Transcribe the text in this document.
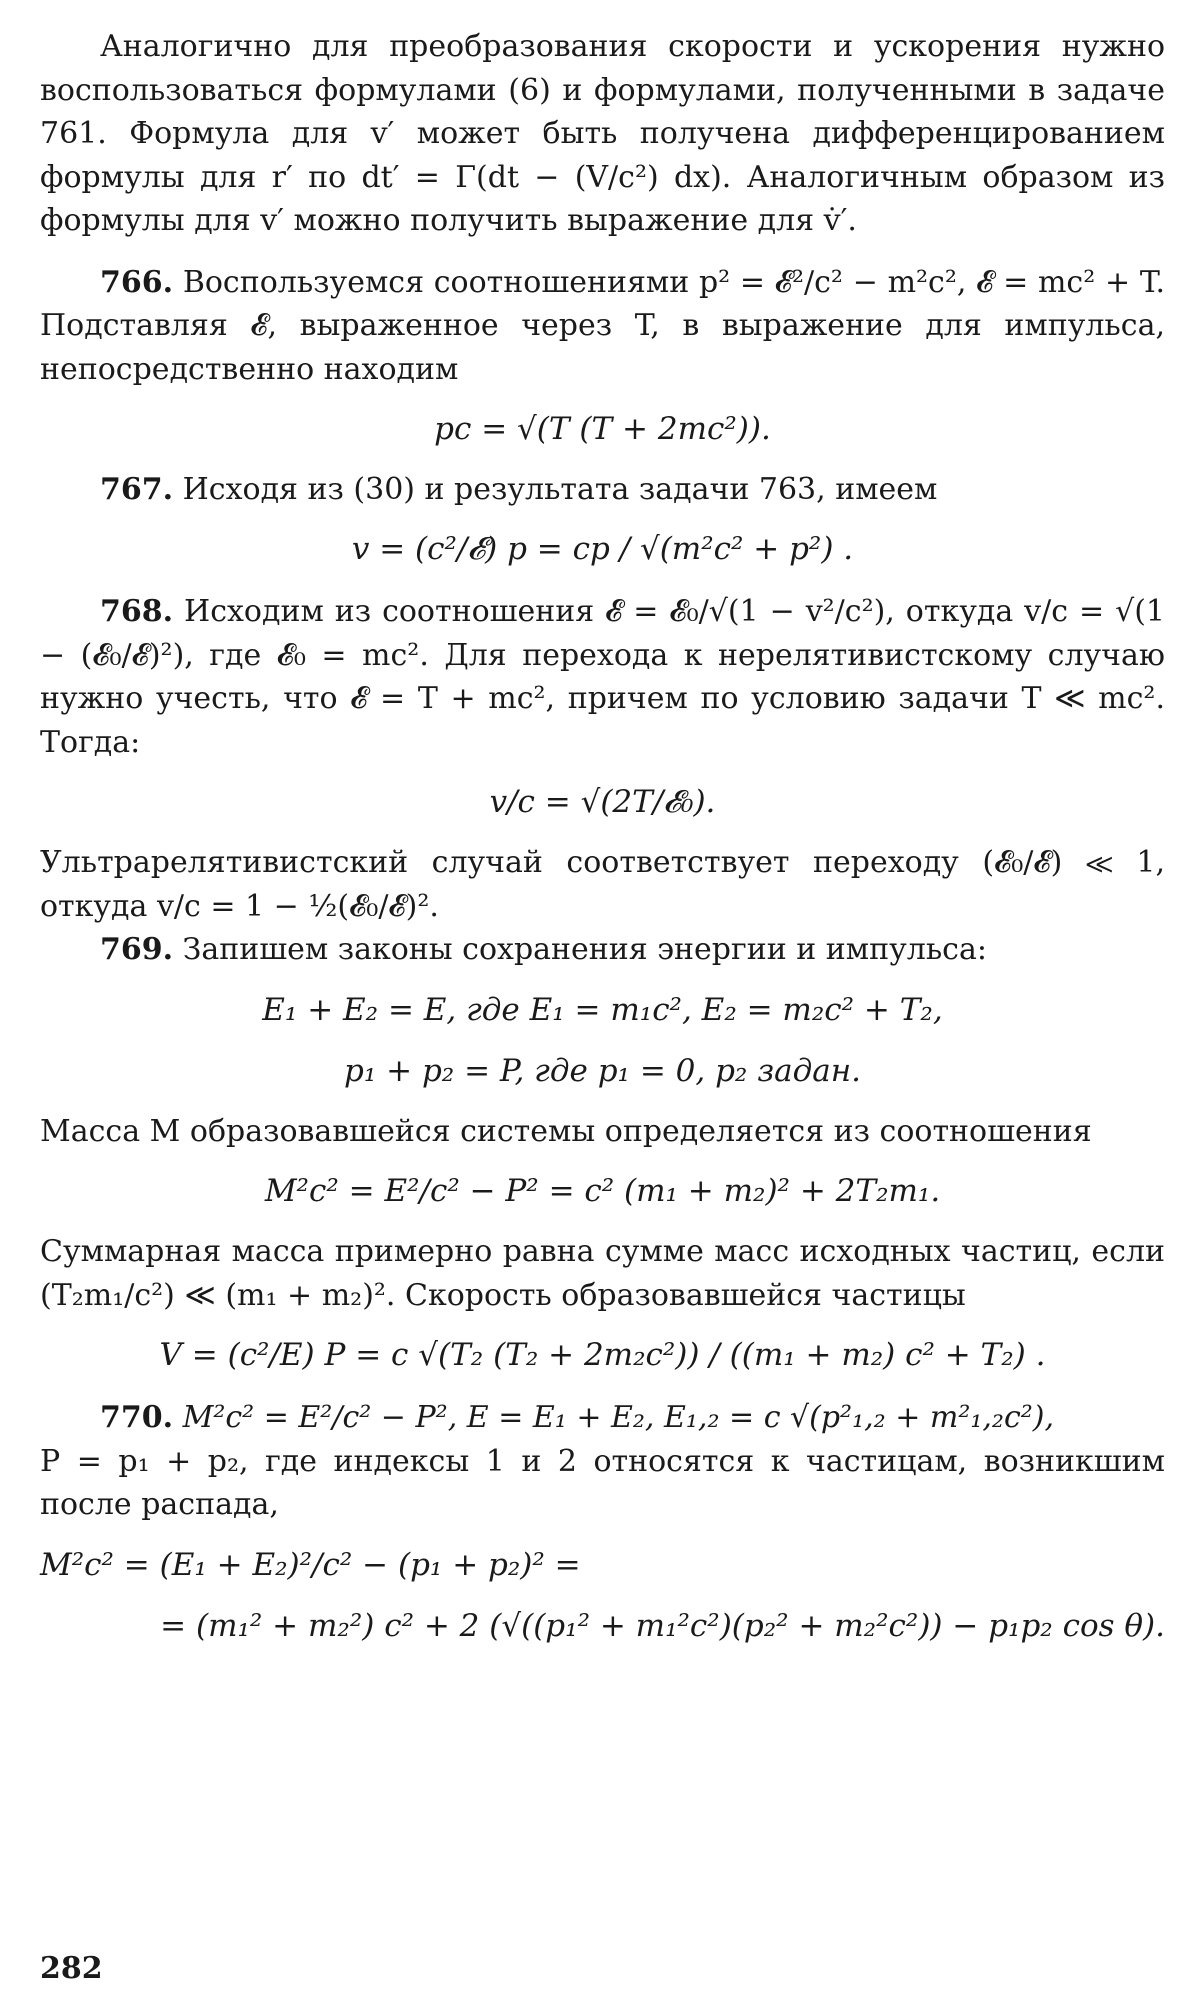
Аналогично для преобразования скорости и ускорения нужно воспользоваться формулами (6) и формулами, полученными в задаче 761. Формула для v′ может быть получена дифференцированием формулы для r′ по dt′ = Γ(dt − (V/c²) dx). Аналогичным образом из формулы для v′ можно получить выражение для v̇′.

766. Воспользуемся соотношениями p² = 𝓔²/c² − m²c², 𝓔 = mc² + T. Подставляя 𝓔, выраженное через T, в выражение для импульса, непосредственно находим

pc = √(T (T + 2mc²)).

767. Исходя из (30) и результата задачи 763, имеем

v = (c²/𝓔) p = cp / √(m²c² + p²) .

768. Исходим из соотношения 𝓔 = 𝓔₀/√(1 − v²/c²), откуда v/c = √(1 − (𝓔₀/𝓔)²), где 𝓔₀ = mc². Для перехода к нерелятивистскому случаю нужно учесть, что 𝓔 = T + mc², причем по условию задачи T ≪ mc². Тогда:

v/c = √(2T/𝓔₀).

Ультрарелятивистский случай соответствует переходу (𝓔₀/𝓔) ≪ 1, откуда v/c = 1 − ½(𝓔₀/𝓔)².

769. Запишем законы сохранения энергии и импульса:

E₁ + E₂ = E, где E₁ = m₁c², E₂ = m₂c² + T₂,
p₁ + p₂ = P, где p₁ = 0, p₂ задан.

Масса M образовавшейся системы определяется из соотношения

M²c² = E²/c² − P² = c² (m₁ + m₂)² + 2T₂m₁.

Суммарная масса примерно равна сумме масс исходных частиц, если (T₂m₁/c²) ≪ (m₁ + m₂)². Скорость образовавшейся частицы

V = (c²/E) P = c √(T₂ (T₂ + 2m₂c²)) / ((m₁ + m₂) c² + T₂) .

770. M²c² = E²/c² − P², E = E₁ + E₂, E₁,₂ = c √(p²₁,₂ + m²₁,₂c²),

P = p₁ + p₂, где индексы 1 и 2 относятся к частицам, возникшим после распада,

M²c² = (E₁ + E₂)²/c² − (p₁ + p₂)² =
= (m₁² + m₂²) c² + 2 (√((p₁² + m₁²c²)(p₂² + m₂²c²)) − p₁p₂ cos θ).
282
